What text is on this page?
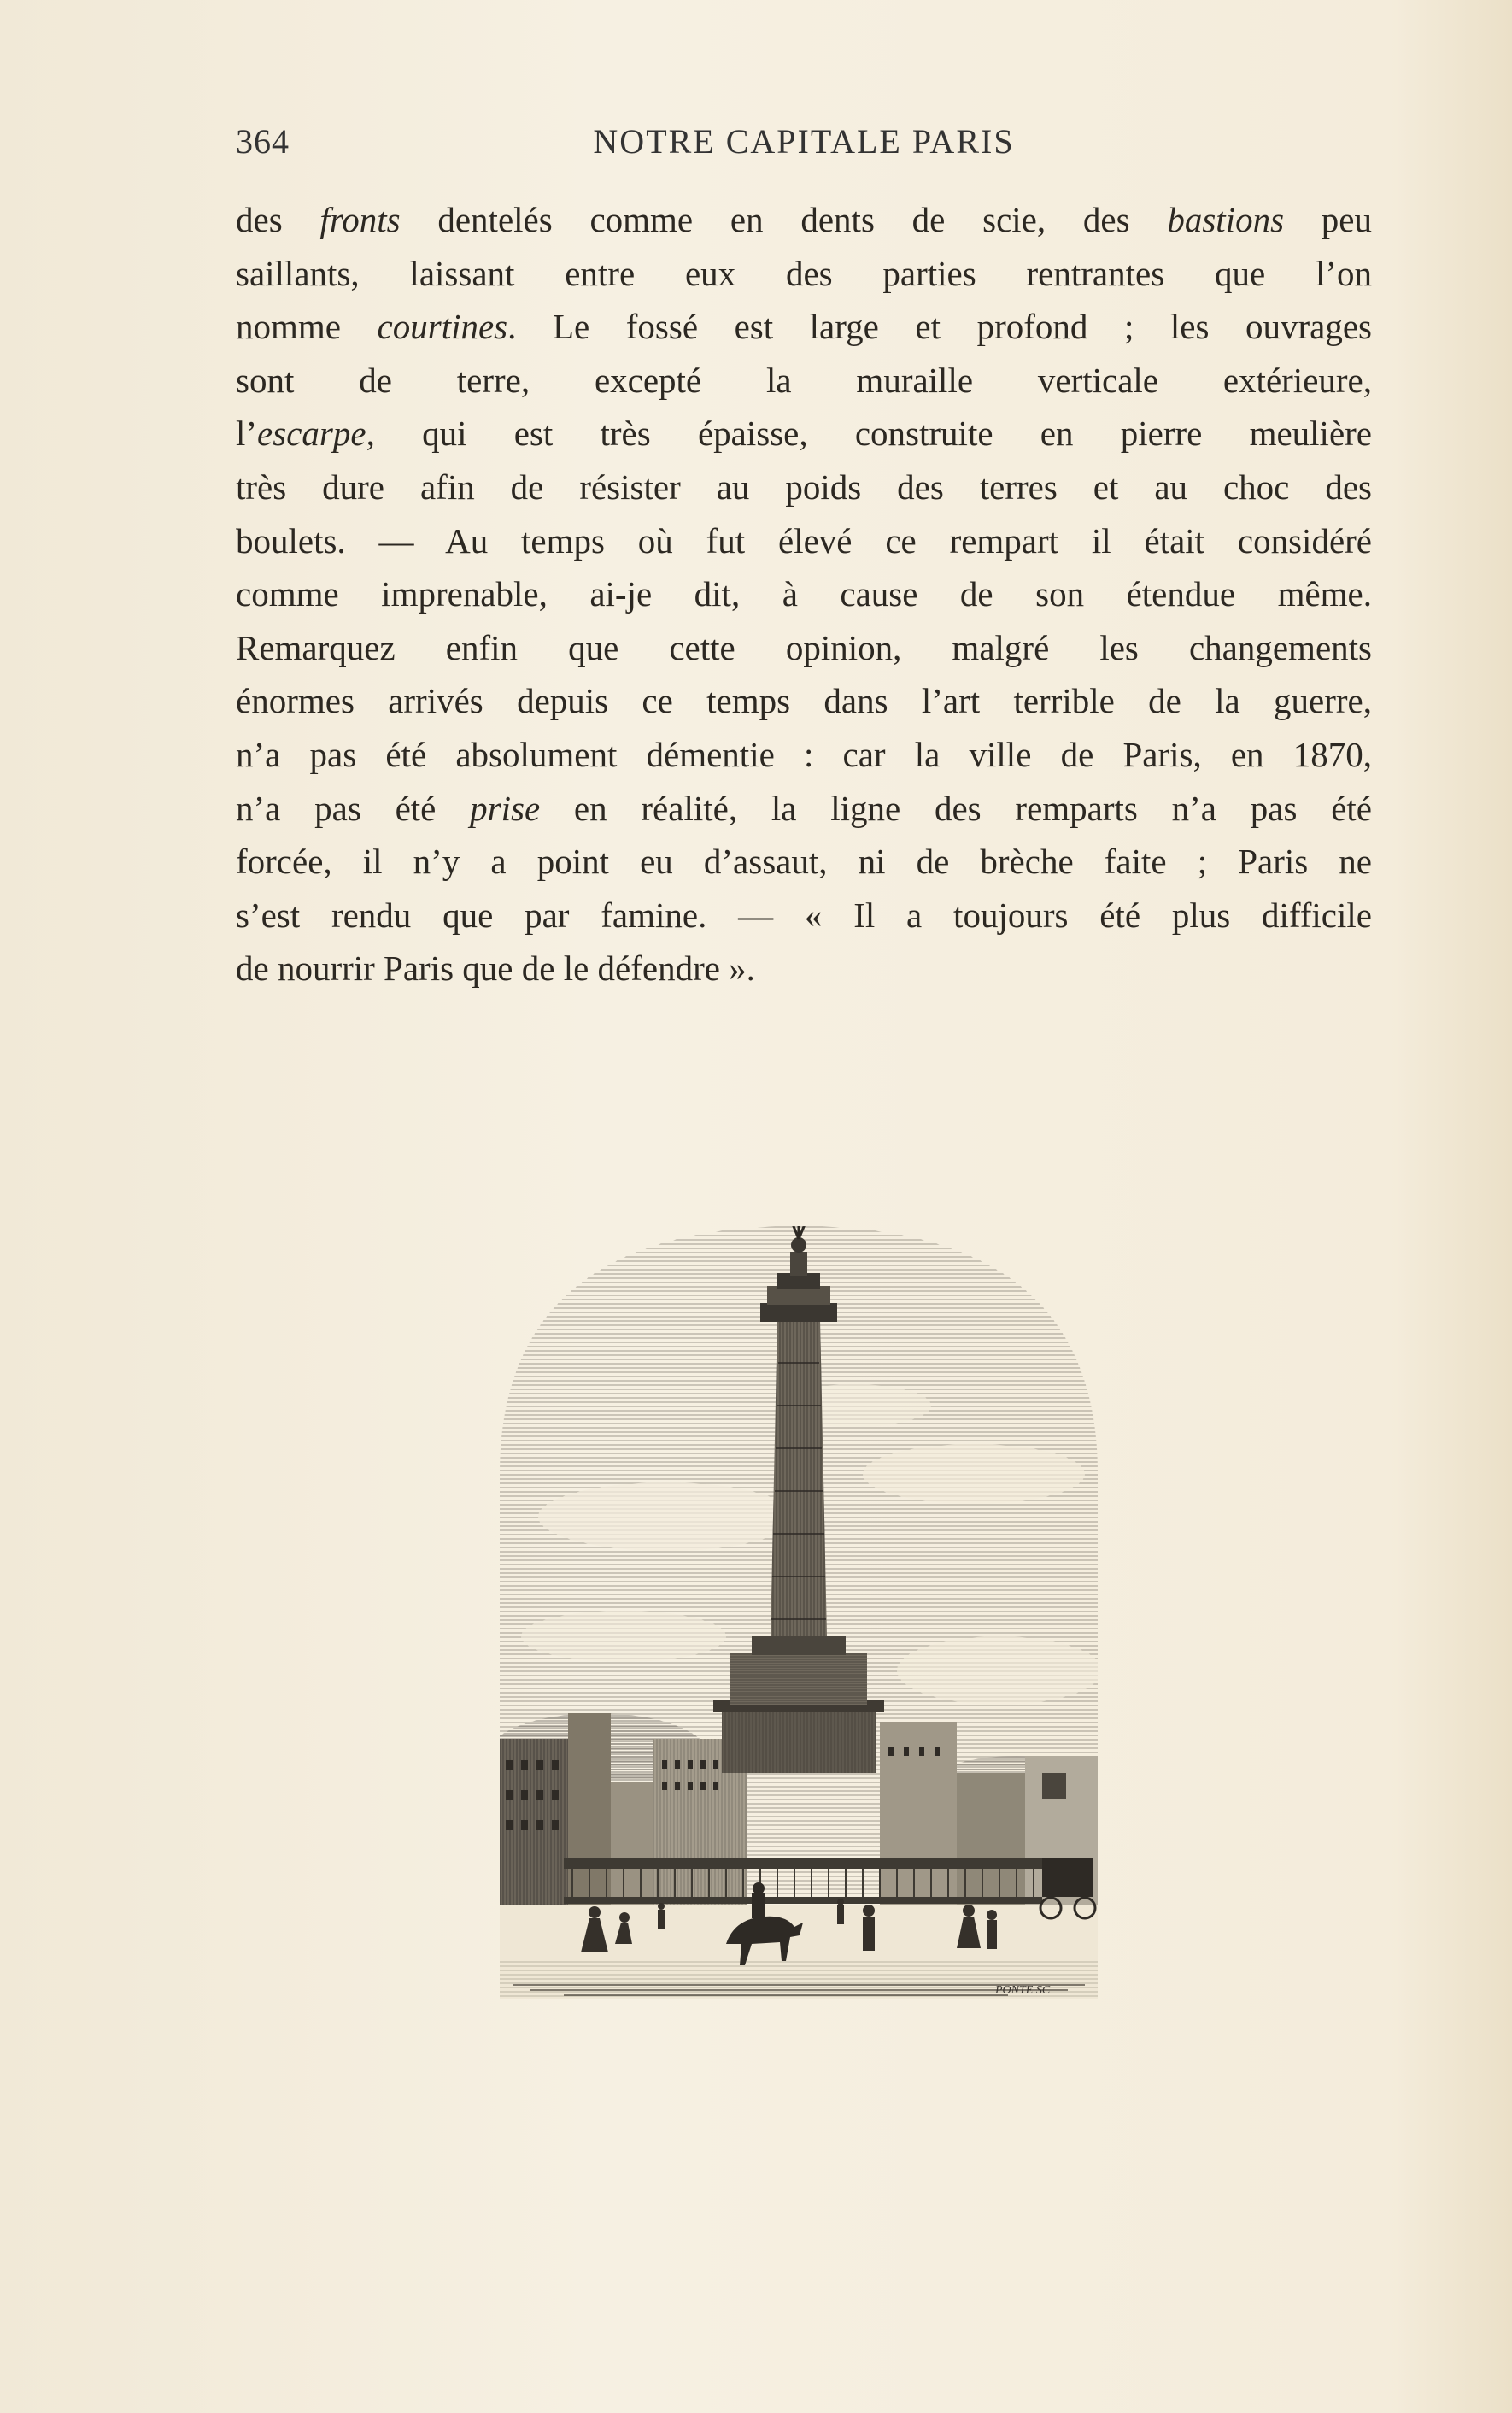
364	NOTRE CAPITALE PARIS
des fronts dentelés comme en dents de scie, des bastions peu
saillants, laissant entre eux des parties rentrantes que l’on
nomme courtines. Le fossé est large et profond ; les ouvrages
sont de terre, excepté la muraille verticale extérieure,
l’escarpe, qui est très épaisse, construite en pierre meulière
très dure afin de résister au poids des terres et au choc des
boulets. — Au temps où fut élevé ce rempart il était considéré
comme imprenable, ai-je dit, à cause de son étendue même.
Remarquez enfin que cette opinion, malgré les changements
énormes arrivés depuis ce temps dans l’art terrible de la guerre,
n’a pas été absolument démentie : car la ville de Paris, en 1870,
n’a pas été prise en réalité, la ligne des remparts n’a pas été
forcée, il n’y a point eu d’assaut, ni de brèche faite ; Paris ne
s’est rendu que par famine. — « Il a toujours été plus difficile
de nourrir Paris que de le défendre ».
PONTE SC
